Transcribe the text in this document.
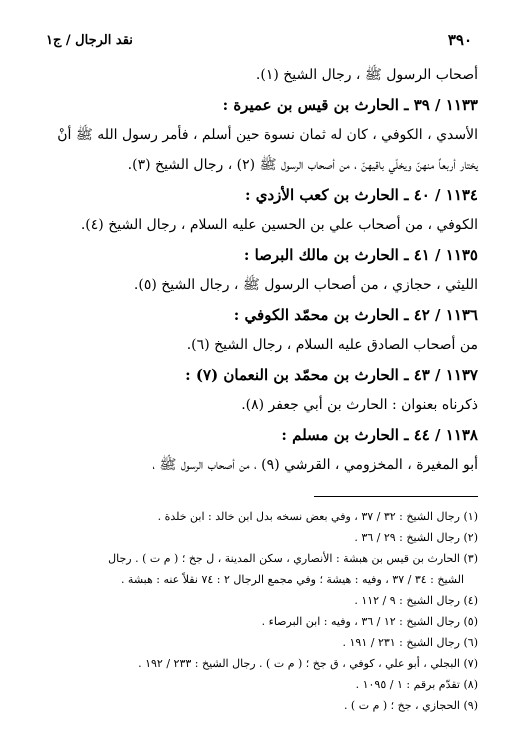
٣٩٠
نقد الرجال / ج١
أصحاب الرسول ﷺ ، رجال الشيخ (١).
١١٣٣ / ٣٩ ـ الحارث بن قيس بن عميرة :
الأسدي ، الكوفي ، كان له ثمان نسوة حين أسلم ، فأمر رسول الله ﷺ أنْ
يختار أربعاً منهنّ ويخلّي باقيهنّ ، من أصحاب الرسول ﷺ (٢) ، رجال الشيخ (٣).
١١٣٤ / ٤٠ ـ الحارث بن كعب الأزدي :
الكوفي ، من أصحاب علي بن الحسين عليه السلام ، رجال الشيخ (٤).
١١٣٥ / ٤١ ـ الحارث بن مالك البرصا :
الليثي ، حجازي ، من أصحاب الرسول ﷺ ، رجال الشيخ (٥).
١١٣٦ / ٤٢ ـ الحارث بن محمّد الكوفي :
من أصحاب الصادق عليه السلام ، رجال الشيخ (٦).
١١٣٧ / ٤٣ ـ الحارث بن محمّد بن النعمان (٧) :
ذكرناه بعنوان : الحارث بن أبي جعفر (٨).
١١٣٨ / ٤٤ ـ الحارث بن مسلم :
أبو المغيرة ، المخزومي ، القرشي (٩) ، من أصحاب الرسول ﷺ ،
(١) رجال الشيخ : ٣٢ / ٣٧ ، وفي بعض نسخه بدل ابن خالد : ابن خلدة .
(٢) رجال الشيخ : ٢٩ / ٣٦ .
(٣) الحارث بن قيس بن هبشة : الأنصاري ، سكن المدينة ، ل جخ ؛ ( م ت ) . رجال
الشيخ : ٣٤ / ٣٧ ، وفيه : هيشة ؛ وفي مجمع الرجال ٢ : ٧٤ نقلاً عنه : هبشة .
(٤) رجال الشيخ : ٩ / ١١٢ .
(٥) رجال الشيخ : ١٢ / ٣٦ ، وفيه : ابن البرصاء .
(٦) رجال الشيخ : ٢٣١ / ١٩١ .
(٧) البجلي ، أبو علي ، كوفي ، ق جخ ؛ ( م ت ) . رجال الشيخ : ٢٣٣ / ١٩٢ .
(٨) تقدّم برقم : ١ / ١٠٩٥ .
(٩) الحجازي ، جخ ؛ ( م ت ) .
